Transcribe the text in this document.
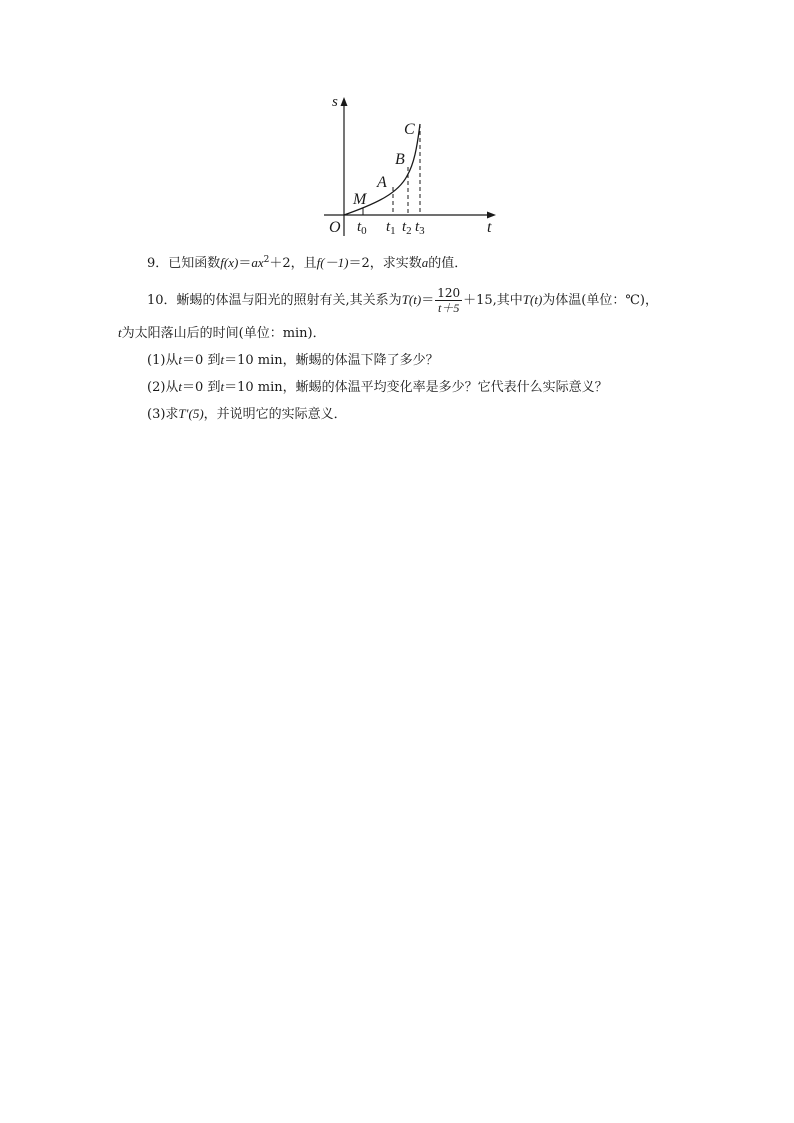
s
t
O
M
A
B
C
$t_0$ $t_1$ $t_2$ $t_3$
9．已知函数$f(x)=ax^2+2$，且f(－1)＝2，求实数a的值．
10．蜥蜴的体温与阳光的照射有关,其关系为$T(t)= \frac{120}{t+5} +15$,其中T(t)为体温(单位：℃)，
t为太阳落山后的时间(单位：min)．
(1)从t＝0 到t＝10 min，蜥蜴的体温下降了多少？
(2)从t＝0 到t＝10 min，蜥蜴的体温平均变化率是多少？它代表什么实际意义？
(3)求T′(5)，并说明它的实际意义．
